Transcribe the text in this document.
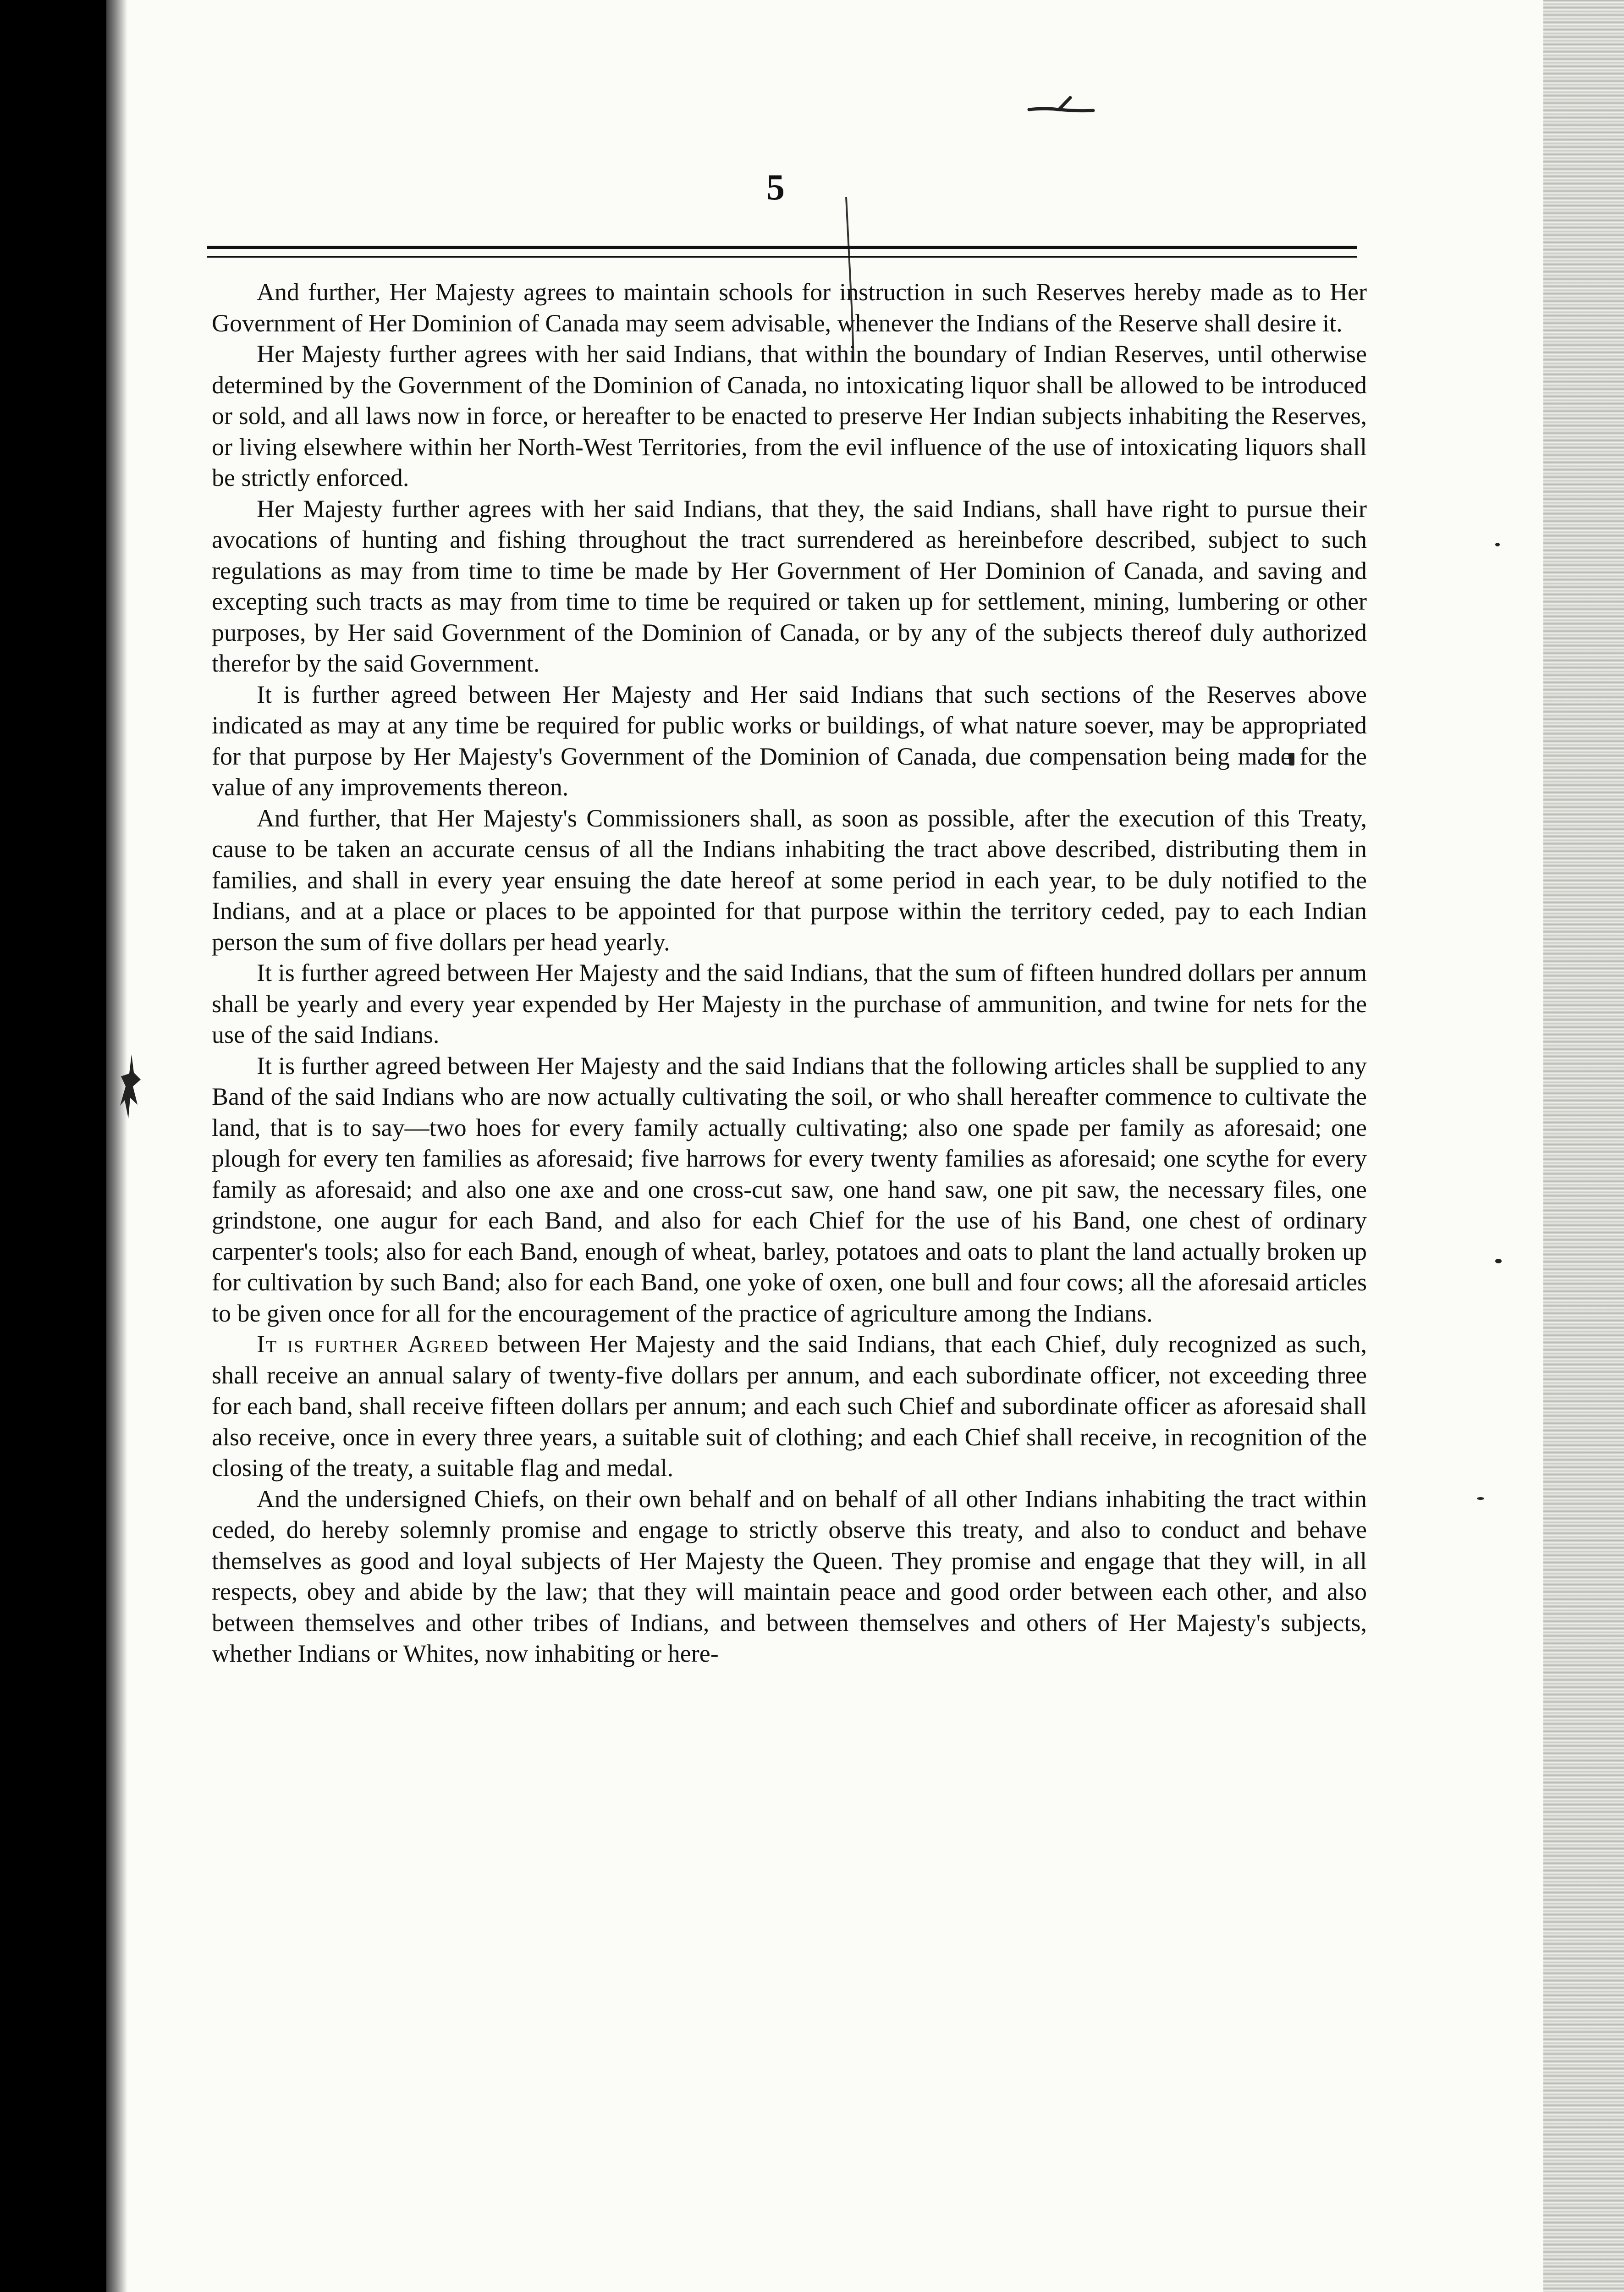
5

And further, Her Majesty agrees to maintain schools for instruction in such Reserves hereby made as to Her Government of Her Dominion of Canada may seem advisable, whenever the Indians of the Reserve shall desire it.

Her Majesty further agrees with her said Indians, that within the boundary of Indian Reserves, until otherwise determined by the Government of the Dominion of Canada, no intoxicating liquor shall be allowed to be introduced or sold, and all laws now in force, or hereafter to be enacted to preserve Her Indian subjects inhabiting the Reserves, or living elsewhere within her North-West Territories, from the evil influence of the use of intoxicating liquors shall be strictly enforced.

Her Majesty further agrees with her said Indians, that they, the said Indians, shall have right to pursue their avocations of hunting and fishing throughout the tract surrendered as hereinbefore described, subject to such regulations as may from time to time be made by Her Government of Her Dominion of Canada, and saving and excepting such tracts as may from time to time be required or taken up for settlement, mining, lumbering or other purposes, by Her said Government of the Dominion of Canada, or by any of the subjects thereof duly authorized therefor by the said Government.

It is further agreed between Her Majesty and Her said Indians that such sections of the Reserves above indicated as may at any time be required for public works or buildings, of what nature soever, may be appropriated for that purpose by Her Majesty's Government of the Dominion of Canada, due compensation being made for the value of any improvements thereon.

And further, that Her Majesty's Commissioners shall, as soon as possible, after the execution of this Treaty, cause to be taken an accurate census of all the Indians inhabiting the tract above described, distributing them in families, and shall in every year ensuing the date hereof at some period in each year, to be duly notified to the Indians, and at a place or places to be appointed for that purpose within the territory ceded, pay to each Indian person the sum of five dollars per head yearly.

It is further agreed between Her Majesty and the said Indians, that the sum of fifteen hundred dollars per annum shall be yearly and every year expended by Her Majesty in the purchase of ammunition, and twine for nets for the use of the said Indians.

It is further agreed between Her Majesty and the said Indians that the following articles shall be supplied to any Band of the said Indians who are now actually cultivating the soil, or who shall hereafter commence to cultivate the land, that is to say—two hoes for every family actually cultivating; also one spade per family as aforesaid; one plough for every ten families as aforesaid; five harrows for every twenty families as aforesaid; one scythe for every family as aforesaid; and also one axe and one cross-cut saw, one hand saw, one pit saw, the necessary files, one grindstone, one augur for each Band, and also for each Chief for the use of his Band, one chest of ordinary carpenter's tools; also for each Band, enough of wheat, barley, potatoes and oats to plant the land actually broken up for cultivation by such Band; also for each Band, one yoke of oxen, one bull and four cows; all the aforesaid articles to be given once for all for the encouragement of the practice of agriculture among the Indians.

It is further Agreed between Her Majesty and the said Indians, that each Chief, duly recognized as such, shall receive an annual salary of twenty-five dollars per annum, and each subordinate officer, not exceeding three for each band, shall receive fifteen dollars per annum; and each such Chief and subordinate officer as aforesaid shall also receive, once in every three years, a suitable suit of clothing; and each Chief shall receive, in recognition of the closing of the treaty, a suitable flag and medal.

And the undersigned Chiefs, on their own behalf and on behalf of all other Indians inhabiting the tract within ceded, do hereby solemnly promise and engage to strictly observe this treaty, and also to conduct and behave themselves as good and loyal subjects of Her Majesty the Queen. They promise and engage that they will, in all respects, obey and abide by the law; that they will maintain peace and good order between each other, and also between themselves and other tribes of Indians, and between themselves and others of Her Majesty's subjects, whether Indians or Whites, now inhabiting or here-
